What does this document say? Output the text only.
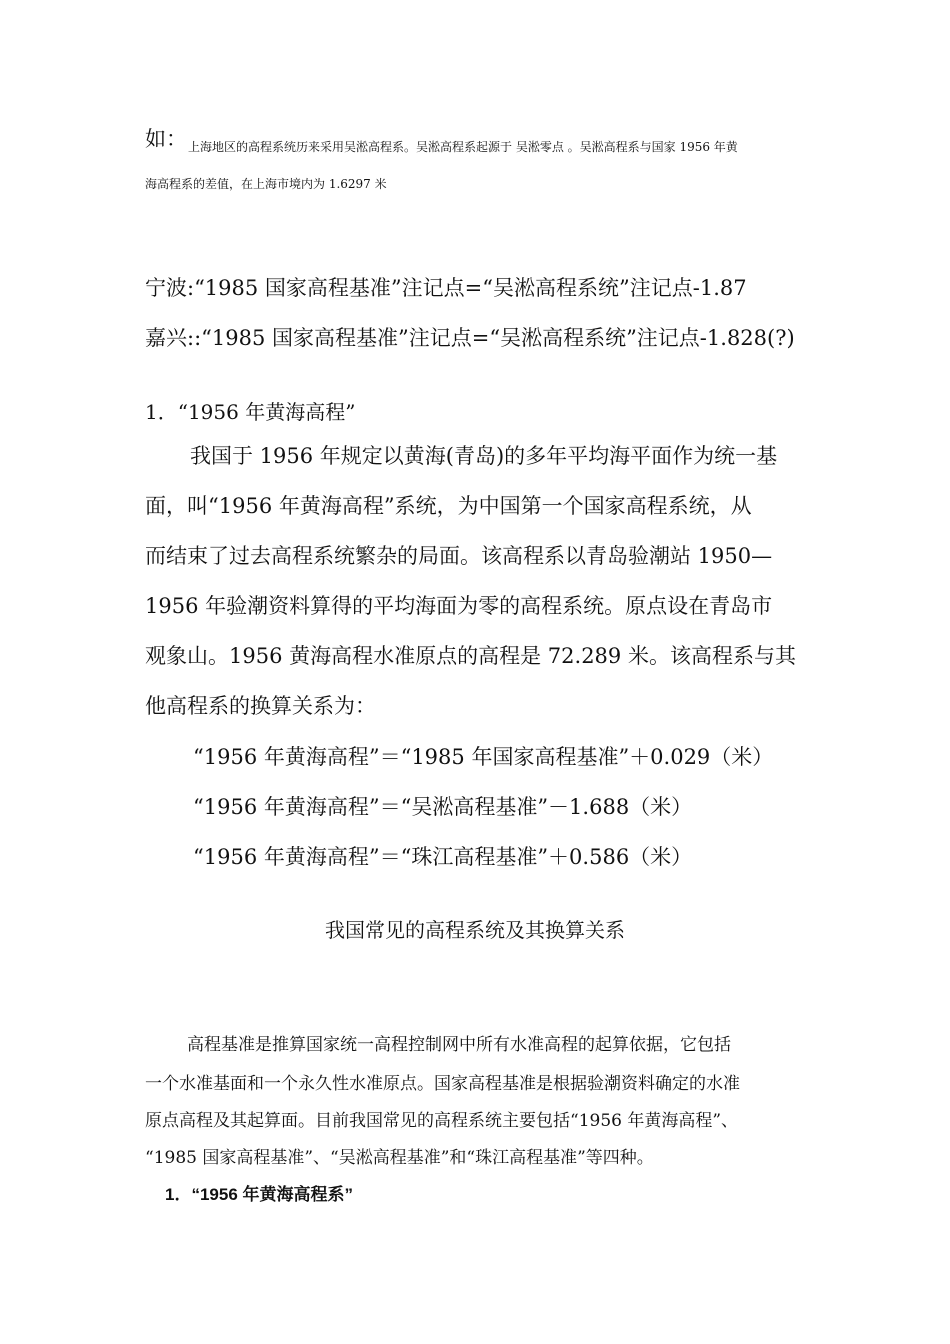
如： 上海地区的高程系统历来采用吴淞高程系。吴淞高程系起源于 吴淞零点 。吴淞高程系与国家 1956 年黄
海高程系的差值，在上海市境内为 1.6297 米
宁波:“1985 国家高程基准”注记点=“吴淞高程系统”注记点-1.87
嘉兴::“1985 国家高程基准”注记点=“吴淞高程系统”注记点-1.828(?)
1．“1956 年黄海高程”
我国于 1956 年规定以黄海(青岛)的多年平均海平面作为统一基
面，叫“1956 年黄海高程”系统，为中国第一个国家高程系统，从
而结束了过去高程系统繁杂的局面。该高程系以青岛验潮站 1950—
1956 年验潮资料算得的平均海面为零的高程系统。原点设在青岛市
观象山。1956 黄海高程水准原点的高程是 72.289 米。该高程系与其
他高程系的换算关系为：
“1956 年黄海高程”＝“1985 年国家高程基准”＋0.029（米）
“1956 年黄海高程”＝“吴淞高程基准”－1.688（米）
“1956 年黄海高程”＝“珠江高程基准”＋0.586（米）
我国常见的高程系统及其换算关系
高程基准是推算国家统一高程控制网中所有水准高程的起算依据，它包括
一个水准基面和一个永久性水准原点。国家高程基准是根据验潮资料确定的水准
原点高程及其起算面。目前我国常见的高程系统主要包括“1956 年黄海高程”、
“1985 国家高程基准”、“吴淞高程基准”和“珠江高程基准”等四种。
1．“1956 年黄海高程系”
